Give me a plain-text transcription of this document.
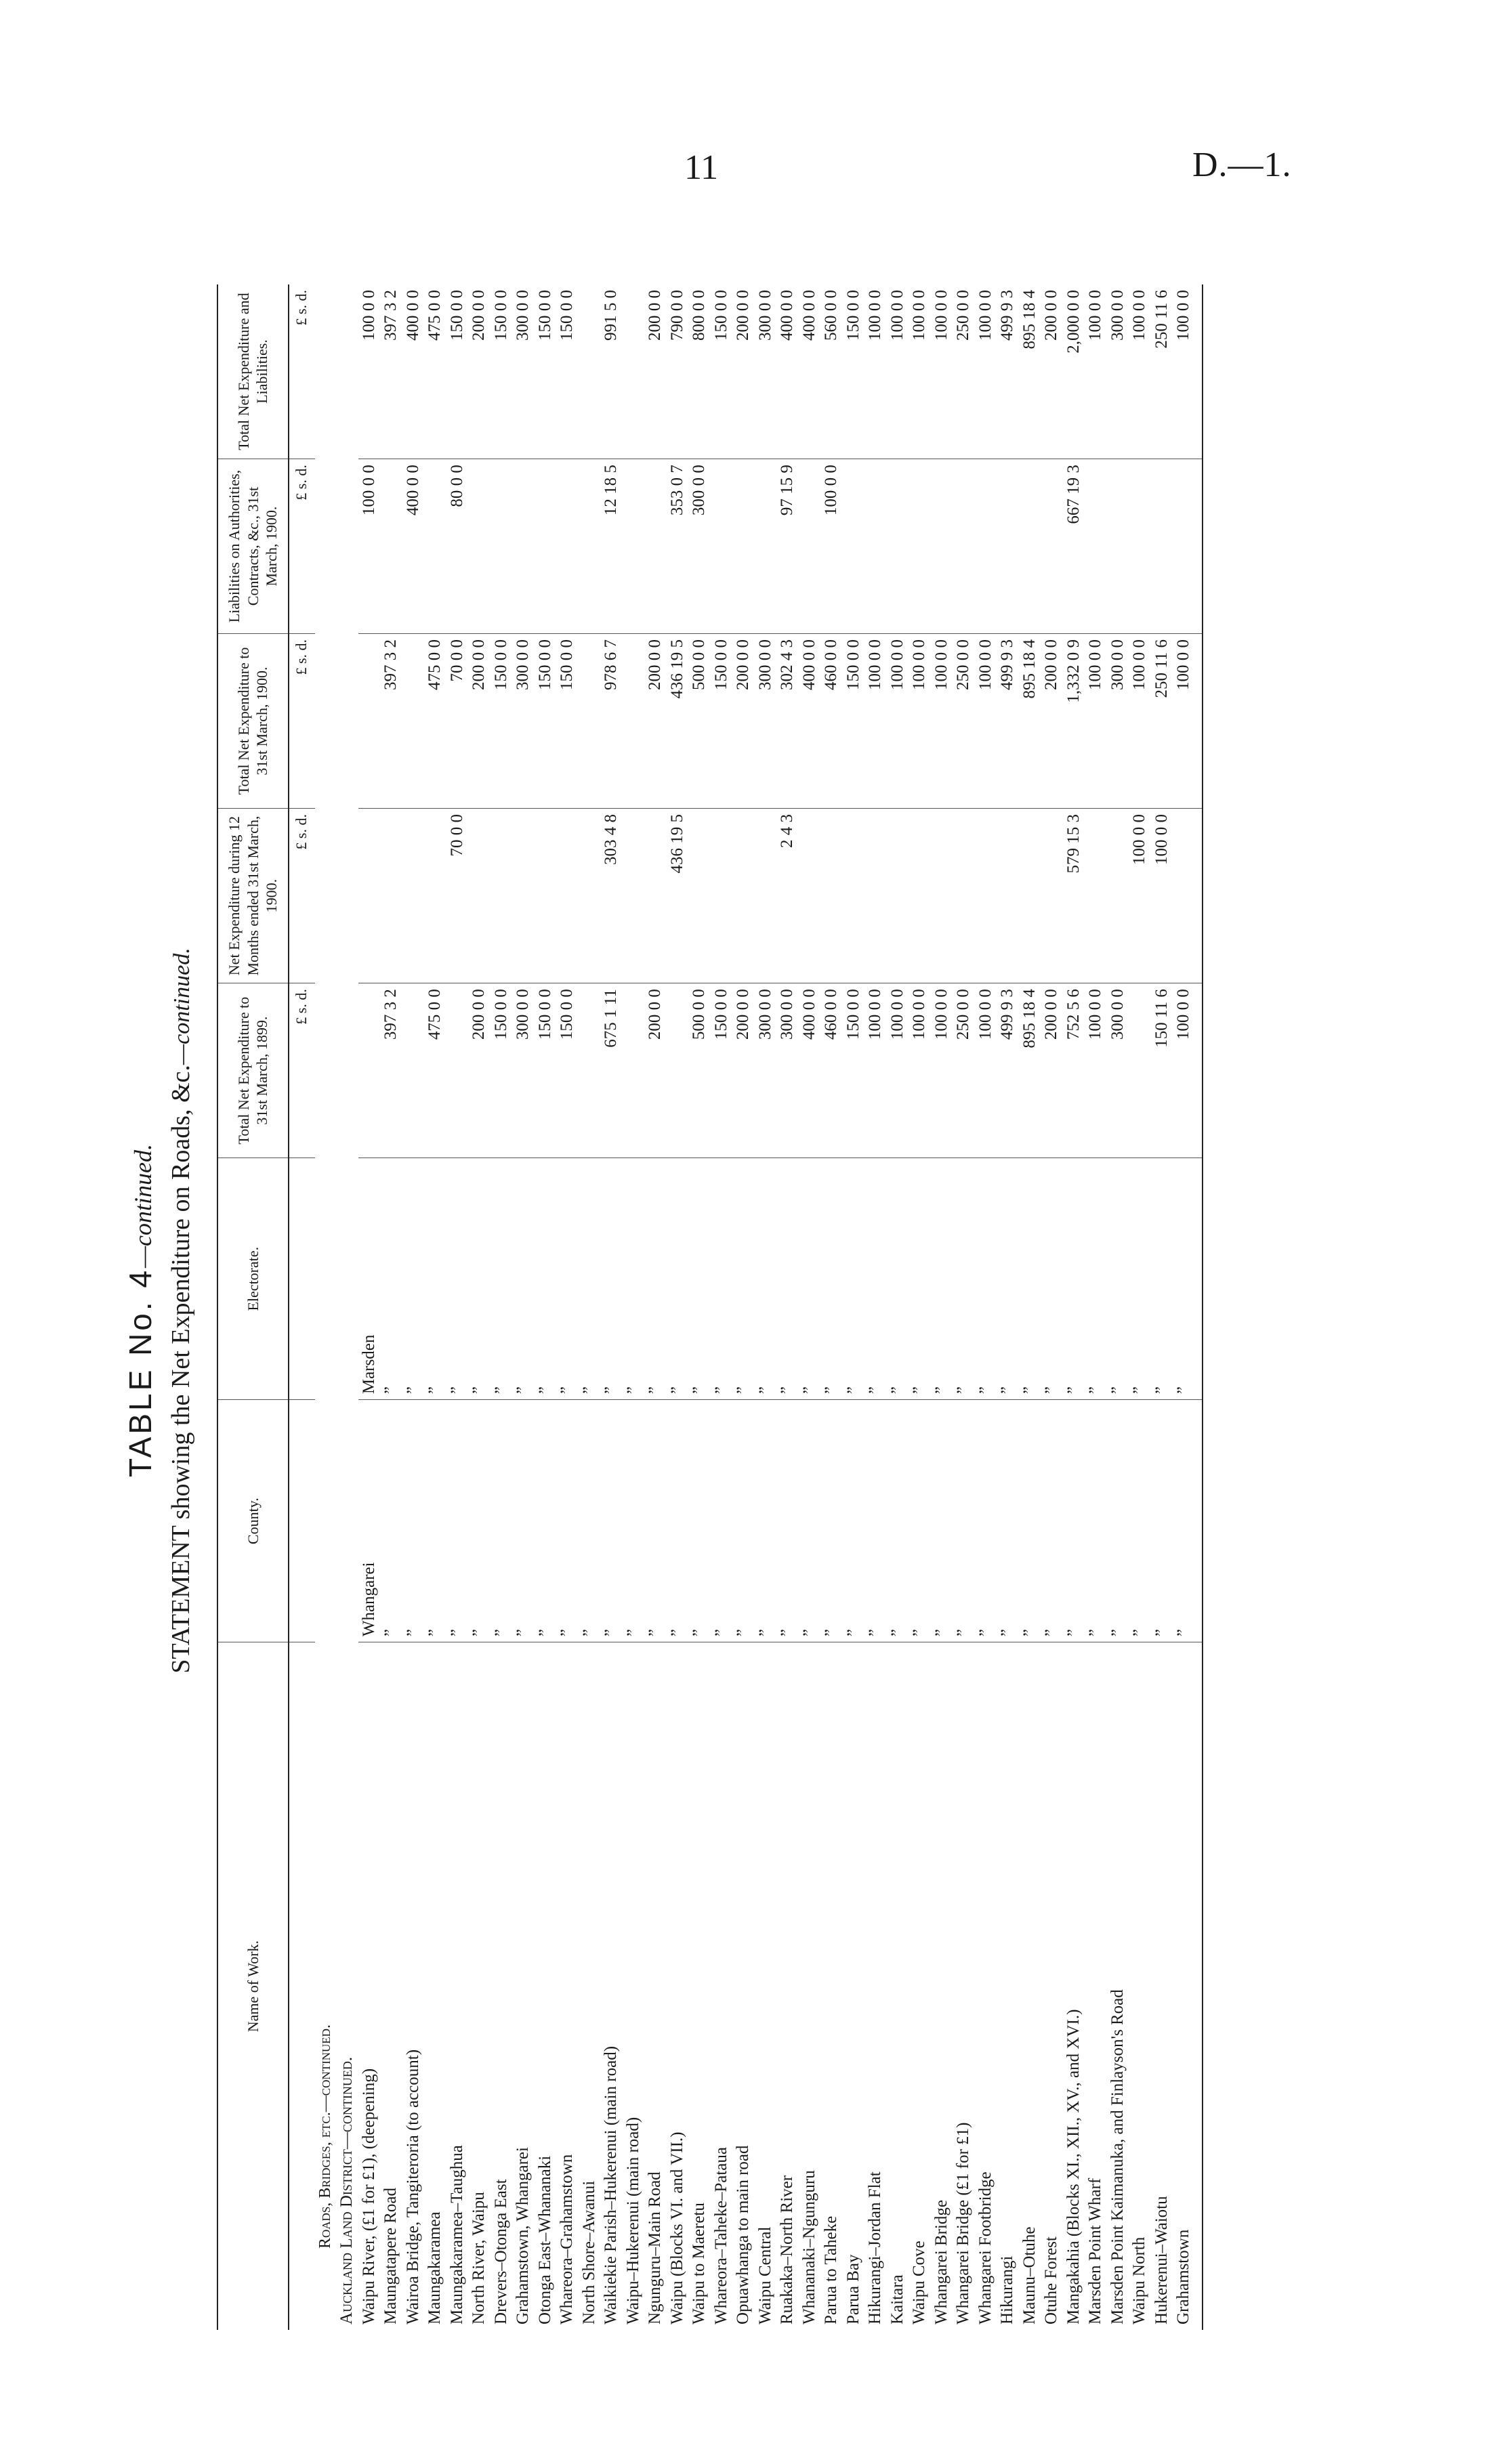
11	D.—1.
TABLE No. 4—continued. STATEMENT showing the Net Expenditure on Roads, &c.—continued.
Name of Work.	County.	Electorate.	Total Net Expenditure to 31st March, 1899.	Net Expenditure during 12 Months ended 31st March, 1900.	Total Net Expenditure to 31st March, 1900.	Liabilities on Authorities, Contracts, &c., 31st March, 1900.	Total Net Expenditure and Liabilities.
			£ s. d.	£ s. d.	£ s. d.	£ s. d.	£ s. d.
Roads, Bridges, etc.—continued.							
Auckland Land District—continued.							
Waipu River, (£1 for £1), (deepening)	Whangarei	Marsden				100 0 0	100 0 0
Maungatapere Road	”	”	397 3 2		397 3 2		397 3 2
Wairoa Bridge, Tangiteroria (to account)	”	”				400 0 0	400 0 0
Maungakaramea	”	”	475 0 0		475 0 0		475 0 0
Maungakaramea–Taughua	”	”		70 0 0	70 0 0	80 0 0	150 0 0
North River, Waipu	”	”	200 0 0		200 0 0		200 0 0
Drevers–Otonga East	”	”	150 0 0		150 0 0		150 0 0
Grahamstown, Whangarei	”	”	300 0 0		300 0 0		300 0 0
Otonga East–Whananaki	”	”	150 0 0		150 0 0		150 0 0
Whareora–Grahamstown	”	”	150 0 0		150 0 0		150 0 0
North Shore–Awanui	”	”					
Waikiekie Parish–Hukerenui (main road)	”	”	675 1 11	303 4 8	978 6 7	12 18 5	991 5 0
Waipu–Hukerenui (main road)	”	”					
Ngunguru–Main Road	”	”	200 0 0		200 0 0		200 0 0
Waipu (Blocks VI. and VII.)	”	”		436 19 5	436 19 5	353 0 7	790 0 0
Waipu to Maeretu	”	”	500 0 0		500 0 0	300 0 0	800 0 0
Whareora–Taheke–Pataua	”	”	150 0 0		150 0 0		150 0 0
Opuawhanga to main road	”	”	200 0 0		200 0 0		200 0 0
Waipu Central	”	”	300 0 0		300 0 0		300 0 0
Ruakaka–North River	”	”	300 0 0	2 4 3	302 4 3	97 15 9	400 0 0
Whananaki–Ngunguru	”	”	400 0 0		400 0 0		400 0 0
Parua to Taheke	”	”	460 0 0		460 0 0	100 0 0	560 0 0
Parua Bay	”	”	150 0 0		150 0 0		150 0 0
Hikurangi–Jordan Flat	”	”	100 0 0		100 0 0		100 0 0
Kaitara	”	”	100 0 0		100 0 0		100 0 0
Waipu Cove	”	”	100 0 0		100 0 0		100 0 0
Whangarei Bridge	”	”	100 0 0		100 0 0		100 0 0
Whangarei Bridge (£1 for £1)	”	”	250 0 0		250 0 0		250 0 0
Whangarei Footbridge	”	”	100 0 0		100 0 0		100 0 0
Hikurangi	”	”	499 9 3		499 9 3		499 9 3
Maunu–Otuhe	”	”	895 18 4		895 18 4		895 18 4
Otuhe Forest	”	”	200 0 0		200 0 0		200 0 0
Mangakahia (Blocks XI., XII., XV., and XVI.)	”	”	752 5 6	579 15 3	1,332 0 9	667 19 3	2,000 0 0
Marsden Point Wharf	”	”	100 0 0		100 0 0		100 0 0
Marsden Point Kaimanuka, and Finlayson's Road	”	”	300 0 0		300 0 0		300 0 0
Waipu North	”	”		100 0 0	100 0 0		100 0 0
Hukerenui–Waiotu	”	”	150 11 6	100 0 0	250 11 6		250 11 6
Grahamstown	”	”	100 0 0		100 0 0		100 0 0
